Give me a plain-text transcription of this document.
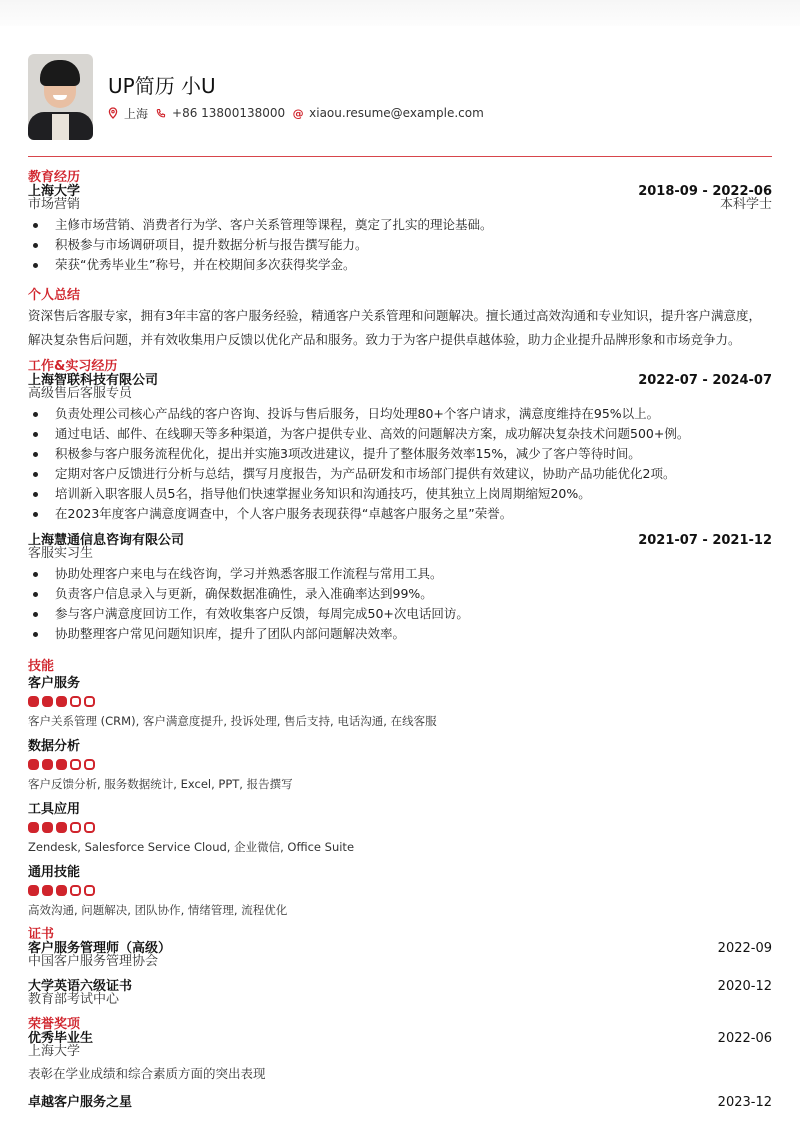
UP简历 小U
上海 +86 13800138000 @ xiaou.resume@example.com
教育经历
上海大学	2018-09 - 2022-06
市场营销	本科学士
主修市场营销、消费者行为学、客户关系管理等课程，奠定了扎实的理论基础。
积极参与市场调研项目，提升数据分析与报告撰写能力。
荣获“优秀毕业生”称号，并在校期间多次获得奖学金。
个人总结
资深售后客服专家，拥有3年丰富的客户服务经验，精通客户关系管理和问题解决。擅长通过高效沟通和专业知识，提升客户满意度，解决复杂售后问题，并有效收集用户反馈以优化产品和服务。致力于为客户提供卓越体验，助力企业提升品牌形象和市场竞争力。
工作&实习经历
上海智联科技有限公司	2022-07 - 2024-07
高级售后客服专员
负责处理公司核心产品线的客户咨询、投诉与售后服务，日均处理80+个客户请求，满意度维持在95%以上。
通过电话、邮件、在线聊天等多种渠道，为客户提供专业、高效的问题解决方案，成功解决复杂技术问题500+例。
积极参与客户服务流程优化，提出并实施3项改进建议，提升了整体服务效率15%，减少了客户等待时间。
定期对客户反馈进行分析与总结，撰写月度报告，为产品研发和市场部门提供有效建议，协助产品功能优化2项。
培训新入职客服人员5名，指导他们快速掌握业务知识和沟通技巧，使其独立上岗周期缩短20%。
在2023年度客户满意度调查中，个人客户服务表现获得“卓越客户服务之星”荣誉。
上海慧通信息咨询有限公司	2021-07 - 2021-12
客服实习生
协助处理客户来电与在线咨询，学习并熟悉客服工作流程与常用工具。
负责客户信息录入与更新，确保数据准确性，录入准确率达到99%。
参与客户满意度回访工作，有效收集客户反馈，每周完成50+次电话回访。
协助整理客户常见问题知识库，提升了团队内部问题解决效率。
技能
客户服务
客户关系管理 (CRM), 客户满意度提升, 投诉处理, 售后支持, 电话沟通, 在线客服
数据分析
客户反馈分析, 服务数据统计, Excel, PPT, 报告撰写
工具应用
Zendesk, Salesforce Service Cloud, 企业微信, Office Suite
通用技能
高效沟通, 问题解决, 团队协作, 情绪管理, 流程优化
证书
客户服务管理师（高级）	2022-09
中国客户服务管理协会
大学英语六级证书	2020-12
教育部考试中心
荣誉奖项
优秀毕业生	2022-06
上海大学
表彰在学业成绩和综合素质方面的突出表现
卓越客户服务之星	2023-12
